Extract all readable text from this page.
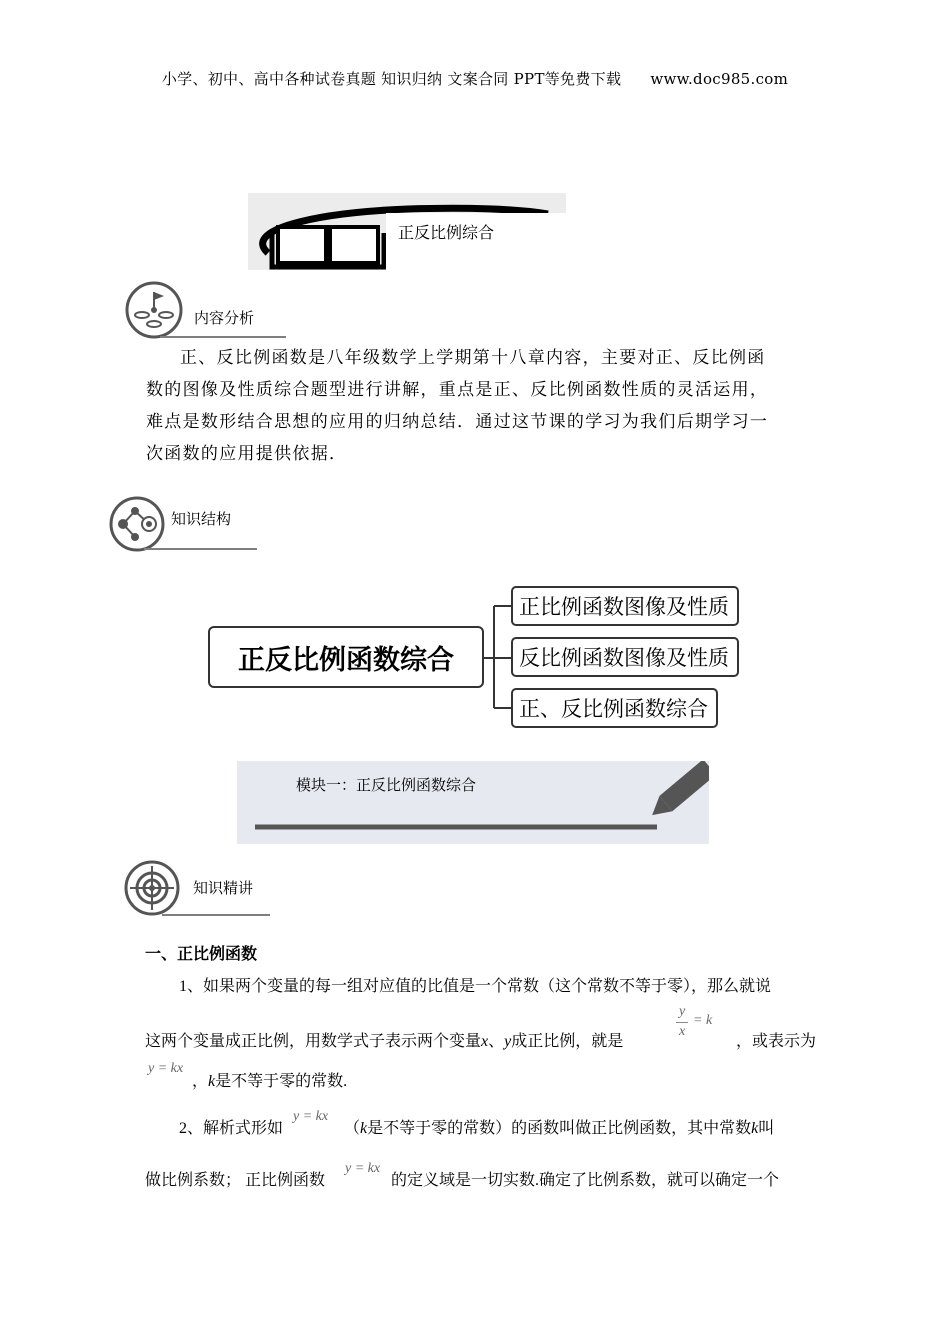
小学、初中、高中各种试卷真题 知识归纳 文案合同 PPT等免费下载 www.doc985.com
正反比例综合
内容分析
正、反比例函数是八年级数学上学期第十八章内容，主要对正、反比例函
数的图像及性质综合题型进行讲解，重点是正、反比例函数性质的灵活运用，
难点是数形结合思想的应用的归纳总结．通过这节课的学习为我们后期学习一
次函数的应用提供依据．
知识结构
正反比例函数综合
正比例函数图像及性质
反比例函数图像及性质
正、反比例函数综合
模块一：正反比例函数综合
知识精讲
一、正比例函数
1、如果两个变量的每一组对应值的比值是一个常数（这个常数不等于零），那么就说
这两个变量成正比例，用数学式子表示两个变量x、y成正比例，就是
y
x
= k
，或表示为
y = kx
，k是不等于零的常数.
2、解析式形如
y = kx
（k是不等于零的常数）的函数叫做正比例函数，其中常数k叫
做比例系数； 正比例函数
y = kx
的定义域是一切实数.确定了比例系数，就可以确定一个
